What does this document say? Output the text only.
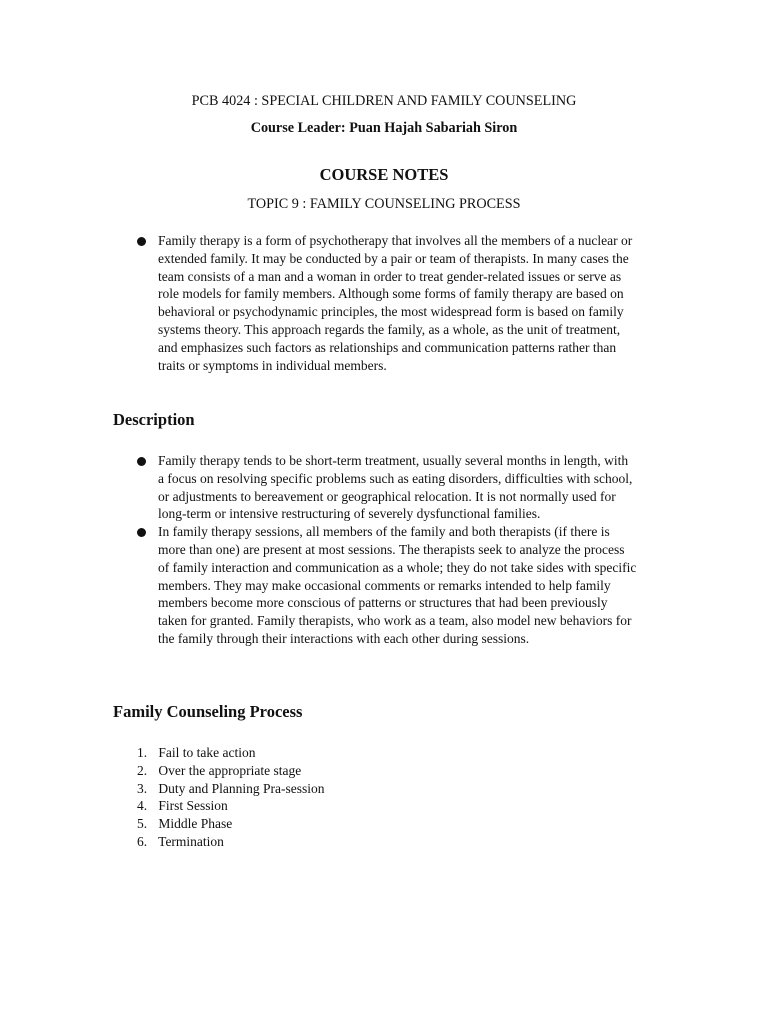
PCB 4024 : SPECIAL CHILDREN AND FAMILY COUNSELING
Course Leader: Puan Hajah Sabariah Siron
COURSE NOTES
TOPIC 9 : FAMILY COUNSELING PROCESS
Family therapy is a form of psychotherapy that involves all the members of a nuclear or extended family. It may be conducted by a pair or team of therapists. In many cases the team consists of a man and a woman in order to treat gender-related issues or serve as role models for family members. Although some forms of family therapy are based on behavioral or psychodynamic principles, the most widespread form is based on family systems theory. This approach regards the family, as a whole, as the unit of treatment, and emphasizes such factors as relationships and communication patterns rather than traits or symptoms in individual members.
Description
Family therapy tends to be short-term treatment, usually several months in length, with a focus on resolving specific problems such as eating disorders, difficulties with school, or adjustments to bereavement or geographical relocation. It is not normally used for long-term or intensive restructuring of severely dysfunctional families.
In family therapy sessions, all members of the family and both therapists (if there is more than one) are present at most sessions. The therapists seek to analyze the process of family interaction and communication as a whole; they do not take sides with specific members. They may make occasional comments or remarks intended to help family members become more conscious of patterns or structures that had been previously taken for granted. Family therapists, who work as a team, also model new behaviors for the family through their interactions with each other during sessions.
Family Counseling Process
1. Fail to take action
2. Over the appropriate stage
3. Duty and Planning Pra-session
4. First Session
5. Middle Phase
6. Termination
